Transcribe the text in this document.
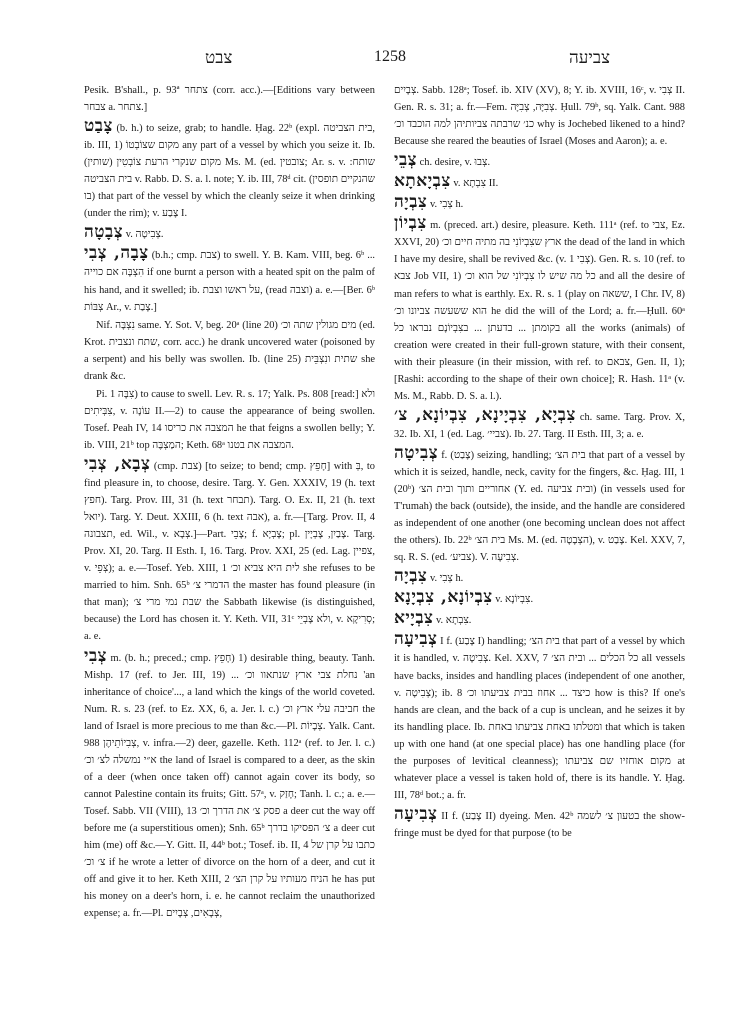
צבט	1258	צביעה
Pesik. B'shall., p. 93ª צתחר (corr. acc.).—[Editions vary between צבחר a. צתחר.]
צָבַט (b. h.) to seize, grab; to handle. Ḥag. 22ᵇ (expl. בית הצביטה, ib. III, 1) מקום שצוֹבְטוֹ any part of a vessel by which you seize it. Ib. מקום שנקרי הרעת צוֹבְטִין (שותין) Ms. M. (ed. צובטין; Ar. s. v. שותח: בית הצביטה v. Rabb. D. S. a. l. note; Y. ib. III, 78ᵈ cit. (שהנקיים תופסין בו) that part of the vessel by which the cleanly seize it when drinking (under the rim); v. צָבַע I.
צְבָטָה v. צְבִיטָה.
צָבָה, צְבִי (b.h.; cmp. צבת) to swell. Y. B. Kam. VIII, beg. 6ᵇ ... הִצְבָּה אם כוייה if one burnt a person with a heated spit on the palm of his hand, and it swelled; ib. על ראשו וצבת, (read וצבה) a. e.—[Ber. 6ᵇ צְבּוֹת Ar., v. צָבַת.]
Nif. נִצְבָּה same. Y. Sot. V, beg. 20ᵃ (line 20) מים מגולין שתה וכ׳ (ed. Krot. שתח ונצבית, corr. acc.) he drank uncovered water (poisoned by a serpent) and his belly was swollen. Ib. (line 25) שתית ונִצְבֵּית she drank &c.
Pi. צִבָּה 1) to cause to swell. Lev. R. s. 17; Yalk. Ps. 808 [read:] ולא צִבְּיתִים, v. עוֹנָה II.—2) to cause the appearance of being swollen. Tosef. Peah IV, 14 המצבה את כריסו he that feigns a swollen belly; Y. ib. VIII, 21ᵇ top המַצְבֶּה; Keth. 68ᵃ המצבה את בטנו.
צְבָא, צְבִי (cmp. צבת) [to seize; to bend; cmp. חָפֵץ] with בְּ, to find pleasure in, to choose, desire. Targ. Y. Gen. XXXIV, 19 (h. text חפץ). Targ. Prov. III, 31 (h. text תבחר). Targ. O. Ex. II, 21 (h. text יואל). Targ. Y. Deut. XXIII, 6 (h. text אבה), a. fr.—[Targ. Prov. II, 4 תצבונה, ed. Wil., v. צְבָא.]—Part. צָבֵי; f. צָבְיָא; pl. צָבַיִן, צָבְיָין. Targ. Prov. XI, 20. Targ. II Esth. I, 16. Targ. Prov. XXI, 25 (ed. Lag. צפיין, v. צְפֵי); a. e.—Tosef. Yeb. XIII, 1 לית היא צביא וכ׳ she refuses to be married to him. Snh. 65ᵇ הדמרי צ׳ the master has found pleasure (in that man); שבת נמי מרי צ׳ the Sabbath likewise (is distinguished, because) the Lord has chosen it. Y. Keth. VII, 31ᶜ ולא צָבְיֵי, v. סְרִיקָא; a. e.
צְבִי m. (b. h.; preced.; cmp. חָפֵץ) 1) desirable thing, beauty. Tanh. Mishp. 17 (ref. to Jer. III, 19) ... נחלת צבי ארץ שנתאוו וכ׳ 'an inheritance of choice'..., a land which the kings of the world coveted. Num. R. s. 23 (ref. to Ez. XX, 6, a. Jer. l. c.) חביבה עלי ארץ וכ׳ the land of Israel is more precious to me than &c.—Pl. צְבָיוֹת. Yalk. Cant. 988 צְבִיוֹתֵיהֶן, v. infra.—2) deer, gazelle. Keth. 112ᵃ (ref. to Jer. l. c.) א״י נמשלה לצ׳ וכ׳ the land of Israel is compared to a deer, as the skin of a deer (when once taken off) cannot again cover its body, so cannot Palestine contain its fruits; Gitt. 57ᵃ, v. חָזַק; Tanh. l. c.; a. e.—Tosef. Sabb. VII (VIII), 13 פסק צ׳ את הדרך וכ׳ a deer cut the way off before me (a superstitious omen); Snh. 65ᵇ צ׳ הפסיקו בדרך a deer cut him (me) off &c.—Y. Gitt. II, 44ᵇ bot.; Tosef. ib. II, 4 כתבו על קרן של צ׳ וכ׳ if he wrote a letter of divorce on the horn of a deer, and cut it off and give it to her. Keth XIII, 2 הניח מעותיו על קרן הצ׳ he has put his money on a deer's horn, i. e. he cannot reclaim the unauthorized expense; a. fr.—Pl. צְבָאִים, צְבָיִים,
צְבָיִים. Sabb. 128ᵃ; Tosef. ib. XIV (XV), 8; Y. ib. XVIII, 16ᶜ, v. צְבִי II. Gen. R. s. 31; a. fr.—Fem. צְבִיָּה, צְבִיָּה. Ḥull. 79ᵇ, sq. Yalk. Cant. 988 כנ׳ שרבתה צביותיהן למה הוכבד וכ׳ why is Jochebed likened to a hind? Because she reared the beauties of Israel (Moses and Aaron); a. e.
צְבֵי ch. desire, v. צְבוּ.
צִבְיָאתָא v. צִבְתָא II.
צִבְיָה v. צְבִי h.
צִבְיוֹן m. (preced. art.) desire, pleasure. Keth. 111ᵃ (ref. to צבי, Ez. XXVI, 20) ארץ שצִבְיוֹנִי בה מתיה חיים וכ׳ the dead of the land in which I have my desire, shall be revived &c. (v. צְבִי 1). Gen. R. s. 10 (ref. to צבא Job VII, 1) כל מה שיש לו צִבְיוֹנִי של הוא וכ׳ and all the desire of man refers to what is earthly. Ex. R. s. 1 (play on ששאה, I Chr. IV, 8) הוא ששעשה צביונו וכ׳ he did the will of the Lord; a. fr.—Ḥull. 60ᵃ בקומתן ... בדעתן ... בצִבְיוֹנָם נבראו כל all the works (animals) of creation were created in their full-grown stature, with their consent, with their pleasure (in their mission, with ref. to צבאם, Gen. II, 1); [Rashi: according to the shape of their own choice]; R. Hash. 11ᵃ (v. Ms. M., Rabb. D. S. a. l.).
צִבְיָא, צִבְיָינָא, צִבְיוֹנָא, צ׳ ch. same. Targ. Prov. X, 32. Ib. XI, 1 (ed. Lag. צביי׳). Ib. 27. Targ. II Esth. III, 3; a. e.
צְבִיטָה f. (צָבַט) seizing, handling; בית הצ׳ that part of a vessel by which it is seized, handle, neck, cavity for the fingers, &c. Ḥag. III, 1 (20ᵇ) אחוריים ותוך ובית הצ׳ (Y. ed. ובית צביעה) (in vessels used for T'rumah) the back (outside), the inside, and the handle are considered as independent of one another (one becoming unclean does not affect the others). Ib. 22ᵇ בית הצ׳ Ms. M. (ed. הצְבָטָה), v. צָבַט. Kel. XXV, 7, sq. R. S. (ed. צביע׳). V. צְבִיעָה.
צִבְיָה v. צְבִי h.
צִבְיוֹנָא, צִבְיָנָא v. צִבְיוֹנָא.
צִבְיָיא v. צִבְתָא.
צְבִיעָה I f. (צָבַע I) handling; בית הצ׳ that part of a vessel by which it is handled, v. צְבִיטָה. Kel. XXV, 7 כל הכלים ... ובית הצ׳ all vessels have backs, insides and handling places (independent of one another, v. צְבִיטָה); ib. 8 כיצד ... אחוז בבית צביעתו וכ׳ how is this? If one's hands are clean, and the back of a cup is unclean, and he seizes it by its handling place. Ib. ומטלתו באחת צביעתו באחת that which is taken up with one hand (at one special place) has one handling place (for the purposes of levitical cleanness); מקום אוחזיו שם צביעתו at whatever place a vessel is taken hold of, there is its handle. Y. Ḥag. III, 78ᵈ bot.; a. fr.
צְבִיעָה II f. (צָבַע II) dyeing. Men. 42ᵇ בטעון צ׳ לשמה the show-fringe must be dyed for that purpose (to be
